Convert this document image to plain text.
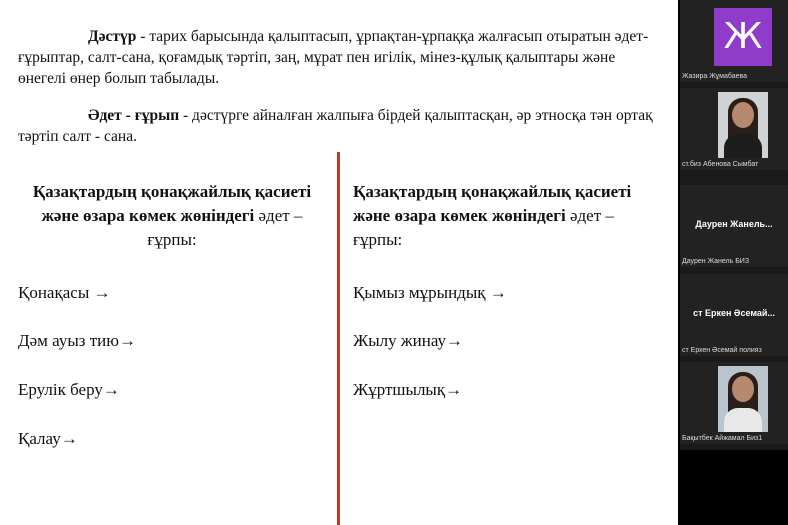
Дәстүр - тарих барысында қалыптасып, ұрпақтан-ұрпаққа жалғасып отыратын әдет-ғұрыптар, салт-сана, қоғамдық тәртіп, заң, мұрат пен игілік, мінез-құлық қалыптары және өнегелі өнер болып табылады.
Әдет - ғұрып - дәстүрге айналған жалпыға бірдей қалыптасқан, әр этносқа тән ортақ тәртіп салт - сана.
Қазақтардың қонақжайлық қасиеті және өзара көмек жөніндегі әдет – ғұрпы:
Қазақтардың қонақжайлық қасиеті және өзара көмек жөніндегі әдет – ғұрпы:
Қонақасы →
Дәм ауыз тию→
Ерулік беру→
Қалау→
Қымыз мұрындық →
Жылу жинау→
Жұртшылық→
Ж
Жазира Жұмабаева
ст.биз Абенова Сымбат
Даурен Жанель...
Даурен Жанель БИЗ
ст Еркен Әсемай...
ст Еркен Әсемай полияз
Бақытбек Айжамал Биз1
